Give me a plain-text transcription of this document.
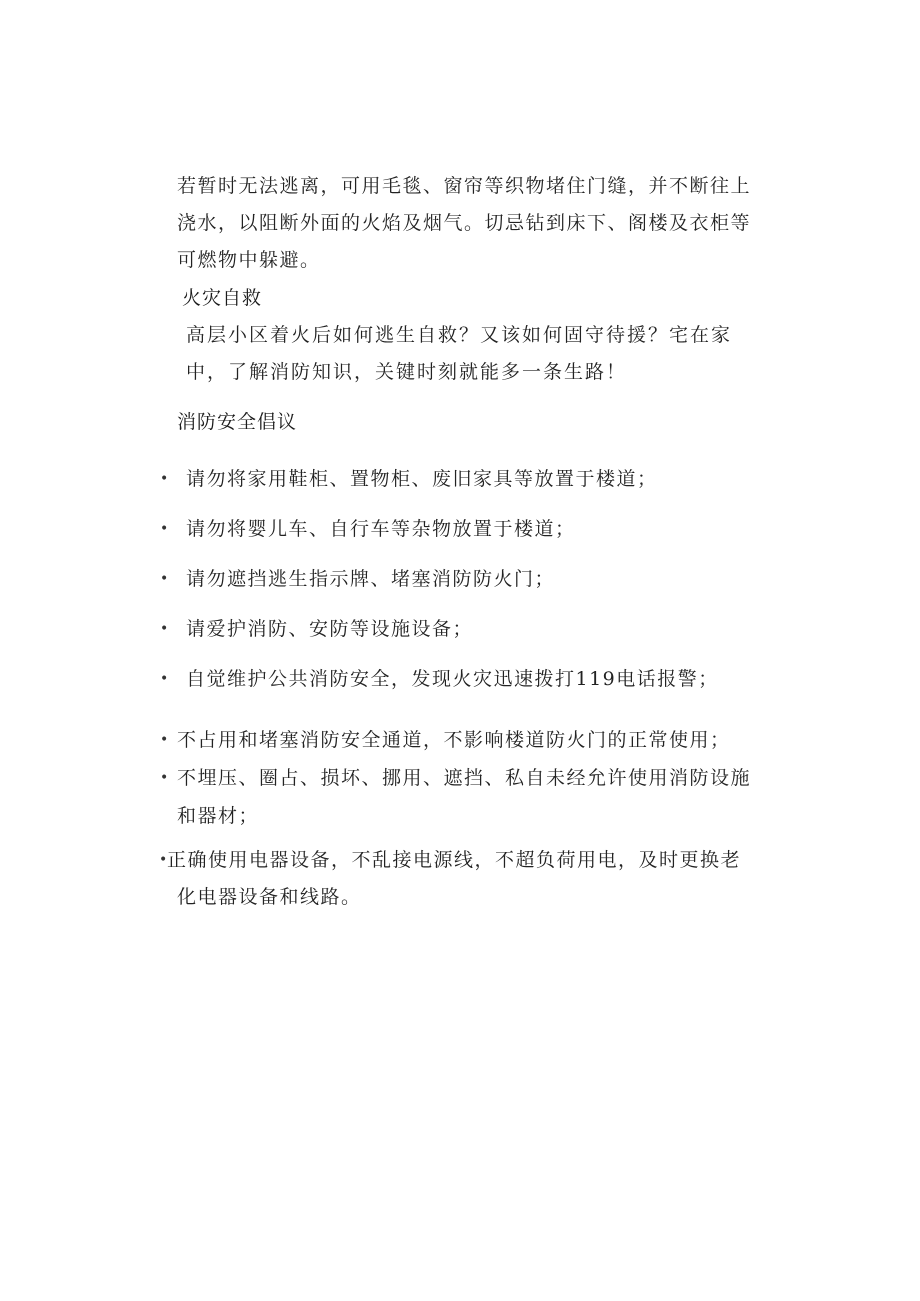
若暂时无法逃离，可用毛毯、窗帘等织物堵住门缝，并不断往上
浇水，以阻断外面的火焰及烟气。切忌钻到床下、阁楼及衣柜等
可燃物中躲避。
火灾自救
高层小区着火后如何逃生自救？又该如何固守待援？宅在家
中，了解消防知识，关键时刻就能多一条生路！
消防安全倡议
• 请勿将家用鞋柜、置物柜、废旧家具等放置于楼道；
• 请勿将婴儿车、自行车等杂物放置于楼道；
• 请勿遮挡逃生指示牌、堵塞消防防火门；
• 请爱护消防、安防等设施设备；
• 自觉维护公共消防安全，发现火灾迅速拨打119电话报警；
• 不占用和堵塞消防安全通道，不影响楼道防火门的正常使用；
• 不埋压、圈占、损坏、挪用、遮挡、私自未经允许使用消防设施
和器材；
• 正确使用电器设备，不乱接电源线，不超负荷用电，及时更换老
化电器设备和线路。
